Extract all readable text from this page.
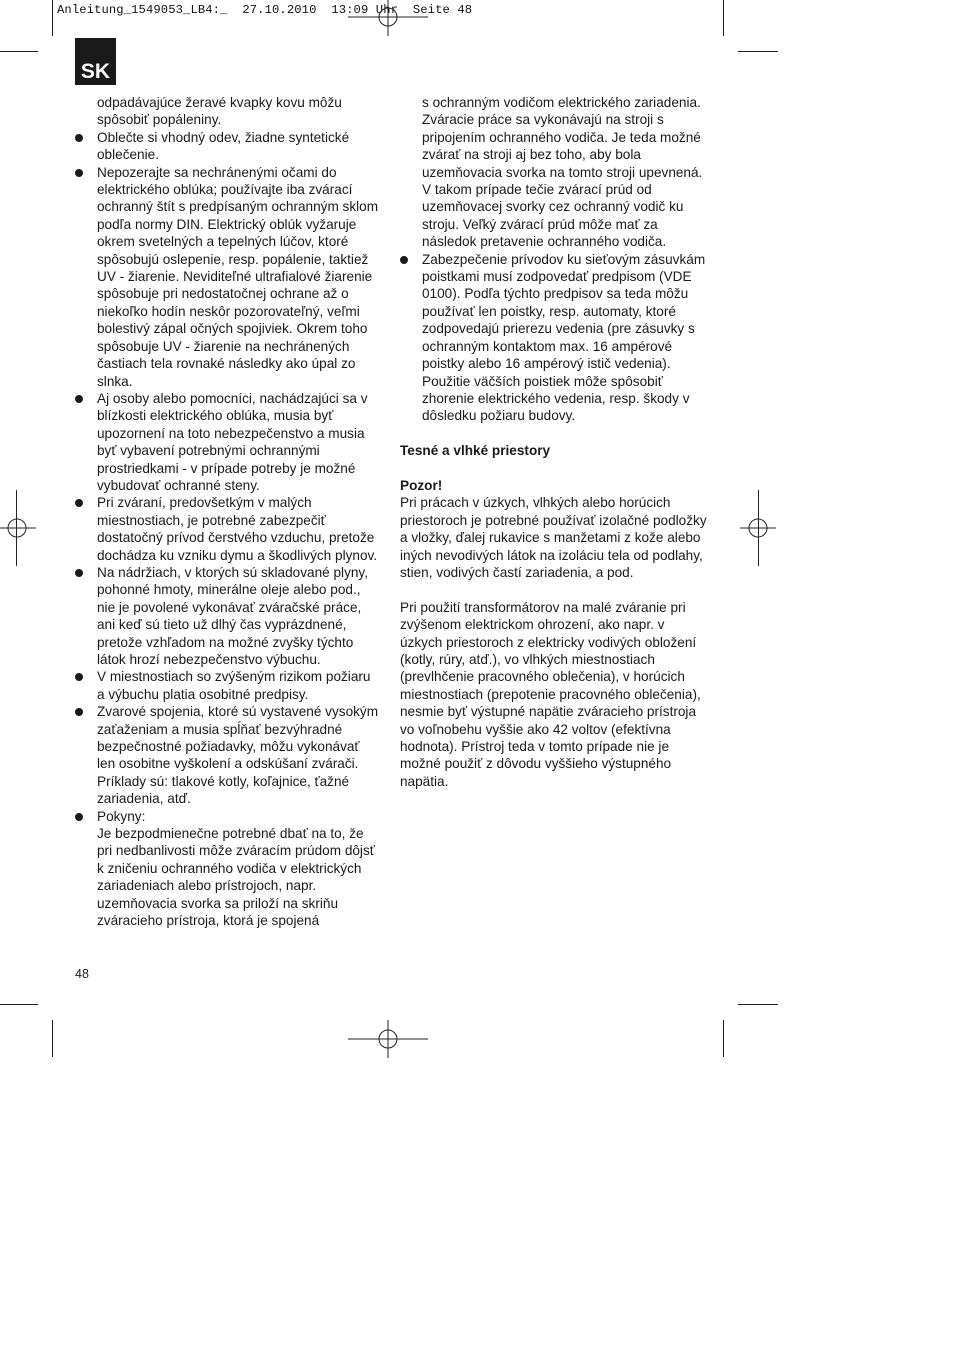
Anleitung_1549053_LB4:_  27.10.2010  13:09 Uhr  Seite 48
SK

odpadávajúce žeravé kvapky kovu môžu spôsobiť popáleniny.

Oblečte si vhodný odev, žiadne syntetické oblečenie.

Nepozerajte sa nechránenými očami do elektrického oblúka; používajte iba zvárací ochranný štít s predpísaným ochranným sklom podľa normy DIN. Elektrický oblúk vyžaruje okrem svetelných a tepelných lúčov, ktoré spôsobujú oslepenie, resp. popálenie, taktiež UV - žiarenie. Neviditeľné ultrafialové žiarenie spôsobuje pri nedostatočnej ochrane až o niekoľko hodín neskôr pozorovateľný, veľmi bolestivý zápal očných spojiviek. Okrem toho spôsobuje UV - žiarenie na nechránených častiach tela rovnaké následky ako úpal zo slnka.

Aj osoby alebo pomocníci, nachádzajúci sa v blízkosti elektrického oblúka, musia byť upozornení na toto nebezpečenstvo a musia byť vybavení potrebnými ochrannými prostriedkami - v prípade potreby je možné vybudovať ochranné steny.

Pri zváraní, predovšetkým v malých miestnostiach, je potrebné zabezpečiť dostatočný prívod čerstvého vzduchu, pretože dochádza ku vzniku dymu a škodlivých plynov.

Na nádržiach, v ktorých sú skladované plyny, pohonné hmoty, minerálne oleje alebo pod., nie je povolené vykonávať zváračské práce, ani keď sú tieto už dlhý čas vyprázdnené, pretože vzhľadom na možné zvyšky týchto látok hrozí nebezpečenstvo výbuchu.

V miestnostiach so zvýšeným rizikom požiaru a výbuchu platia osobitné predpisy.

Zvarové spojenia, ktoré sú vystavené vysokým zaťaženiam a musia spĺňať bezvýhradné bezpečnostné požiadavky, môžu vykonávať len osobitne vyškolení a odskúšaní zvárači. Príklady sú: tlakové kotly, koľajnice, ťažné zariadenia, atď.

Pokyny:

Je bezpodmienečne potrebné dbať na to, že pri nedbanlivosti môže zváracím prúdom dôjsť k zničeniu ochranného vodiča v elektrických zariadeniach alebo prístrojoch, napr. uzemňovacia svorka sa priloží na skriňu zváracieho prístroja, ktorá je spojená

s ochranným vodičom elektrického zariadenia. Zváracie práce sa vykonávajú na stroji s pripojením ochranného vodiča. Je teda možné zvárať na stroji aj bez toho, aby bola uzemňovacia svorka na tomto stroji upevnená. V takom prípade tečie zvárací prúd od uzemňovacej svorky cez ochranný vodič ku stroju. Veľký zvárací prúd môže mať za následok pretavenie ochranného vodiča.

Zabezpečenie prívodov ku sieťovým zásuvkám poistkami musí zodpovedať predpisom (VDE 0100). Podľa týchto predpisov sa teda môžu používať len poistky, resp. automaty, ktoré zodpovedajú prierezu vedenia (pre zásuvky s ochranným kontaktom max. 16 ampérové poistky alebo 16 ampérový istič vedenia). Použitie väčších poistiek môže spôsobiť zhorenie elektrického vedenia, resp. škody v dôsledku požiaru budovy.

Tesné a vlhké priestory

Pozor!

Pri prácach v úzkych, vlhkých alebo horúcich priestoroch je potrebné používať izolačné podložky a vložky, ďalej rukavice s manžetami z kože alebo iných nevodivých látok na izoláciu tela od podlahy, stien, vodivých častí zariadenia, a pod.

Pri použití transformátorov na malé zváranie pri zvýšenom elektrickom ohrození, ako napr. v úzkych priestoroch z elektricky vodivých obložení (kotly, rúry, atď.), vo vlhkých miestnostiach (prevlhčenie pracovného oblečenia), v horúcich miestnostiach (prepotenie pracovného oblečenia), nesmie byť výstupné napätie zváracieho prístroja vo voľnobehu vyššie ako 42 voltov (efektívna hodnota). Prístroj teda v tomto prípade nie je možné použiť z dôvodu vyššieho výstupného napätia.

48
